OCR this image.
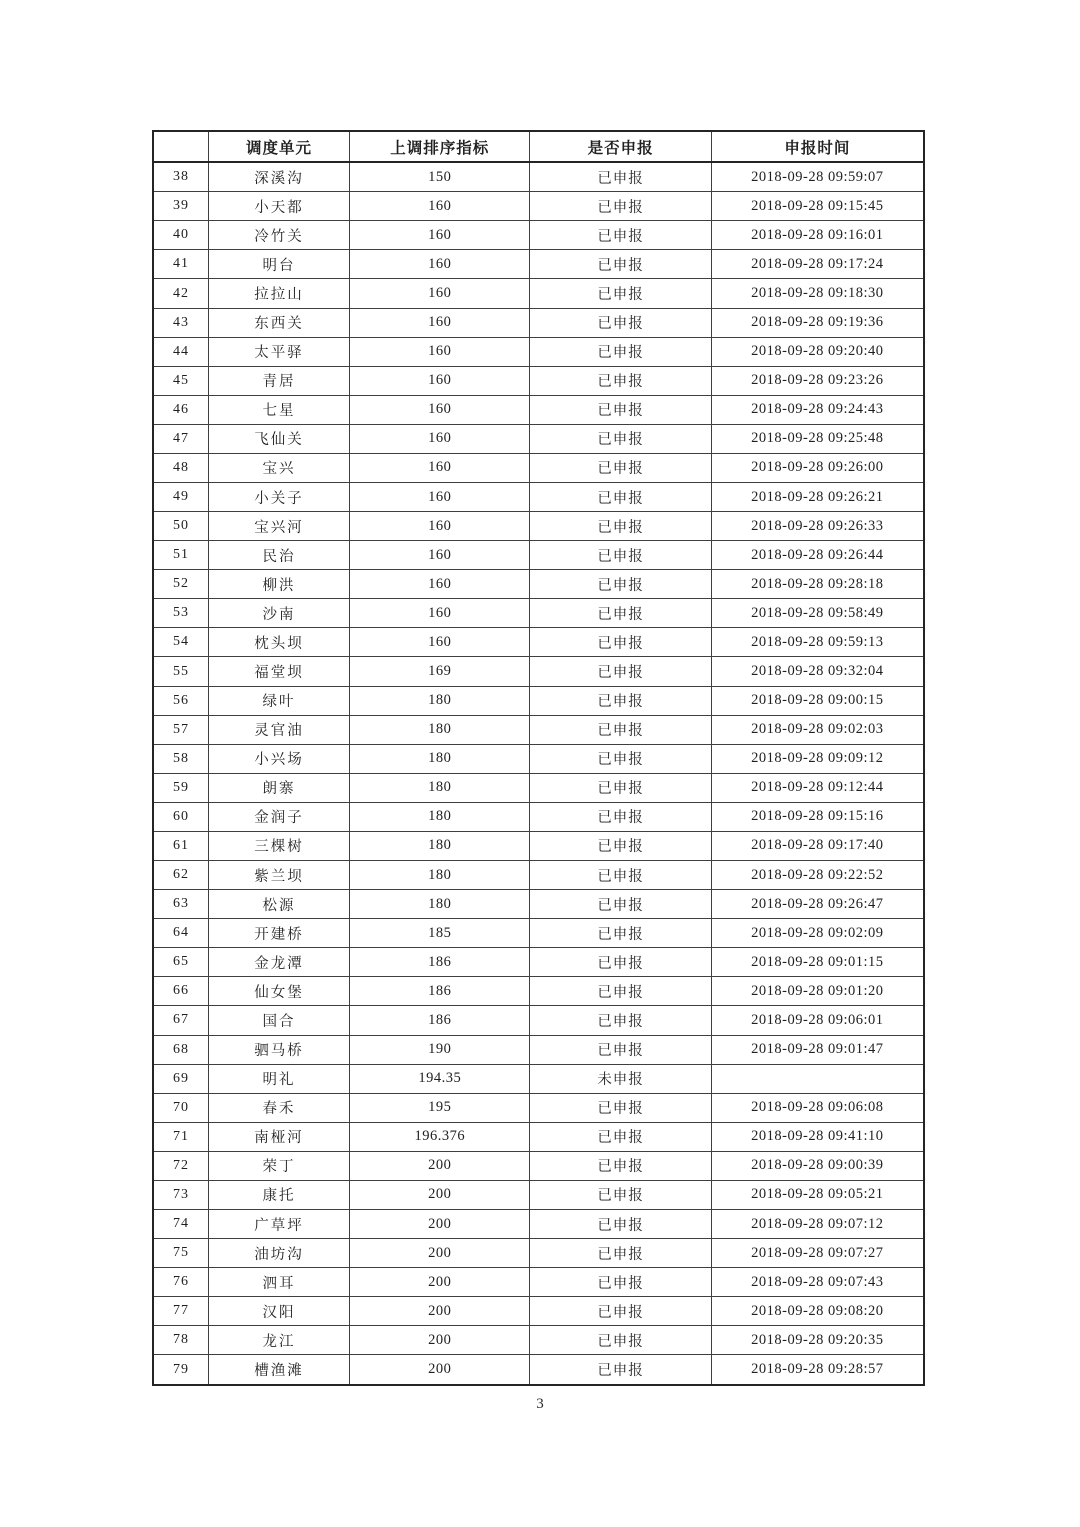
	调度单元	上调排序指标	是否申报	申报时间
38	深溪沟	150	已申报	2018-09-28 09:59:07
39	小天都	160	已申报	2018-09-28 09:15:45
40	冷竹关	160	已申报	2018-09-28 09:16:01
41	明台	160	已申报	2018-09-28 09:17:24
42	拉拉山	160	已申报	2018-09-28 09:18:30
43	东西关	160	已申报	2018-09-28 09:19:36
44	太平驿	160	已申报	2018-09-28 09:20:40
45	青居	160	已申报	2018-09-28 09:23:26
46	七星	160	已申报	2018-09-28 09:24:43
47	飞仙关	160	已申报	2018-09-28 09:25:48
48	宝兴	160	已申报	2018-09-28 09:26:00
49	小关子	160	已申报	2018-09-28 09:26:21
50	宝兴河	160	已申报	2018-09-28 09:26:33
51	民治	160	已申报	2018-09-28 09:26:44
52	柳洪	160	已申报	2018-09-28 09:28:18
53	沙南	160	已申报	2018-09-28 09:58:49
54	枕头坝	160	已申报	2018-09-28 09:59:13
55	福堂坝	169	已申报	2018-09-28 09:32:04
56	绿叶	180	已申报	2018-09-28 09:00:15
57	灵官油	180	已申报	2018-09-28 09:02:03
58	小兴场	180	已申报	2018-09-28 09:09:12
59	朗寨	180	已申报	2018-09-28 09:12:44
60	金润子	180	已申报	2018-09-28 09:15:16
61	三棵树	180	已申报	2018-09-28 09:17:40
62	紫兰坝	180	已申报	2018-09-28 09:22:52
63	松源	180	已申报	2018-09-28 09:26:47
64	开建桥	185	已申报	2018-09-28 09:02:09
65	金龙潭	186	已申报	2018-09-28 09:01:15
66	仙女堡	186	已申报	2018-09-28 09:01:20
67	国合	186	已申报	2018-09-28 09:06:01
68	驷马桥	190	已申报	2018-09-28 09:01:47
69	明礼	194.35	未申报	
70	春禾	195	已申报	2018-09-28 09:06:08
71	南桠河	196.376	已申报	2018-09-28 09:41:10
72	荣丁	200	已申报	2018-09-28 09:00:39
73	康托	200	已申报	2018-09-28 09:05:21
74	广草坪	200	已申报	2018-09-28 09:07:12
75	油坊沟	200	已申报	2018-09-28 09:07:27
76	泗耳	200	已申报	2018-09-28 09:07:43
77	汉阳	200	已申报	2018-09-28 09:08:20
78	龙江	200	已申报	2018-09-28 09:20:35
79	槽渔滩	200	已申报	2018-09-28 09:28:57
3
